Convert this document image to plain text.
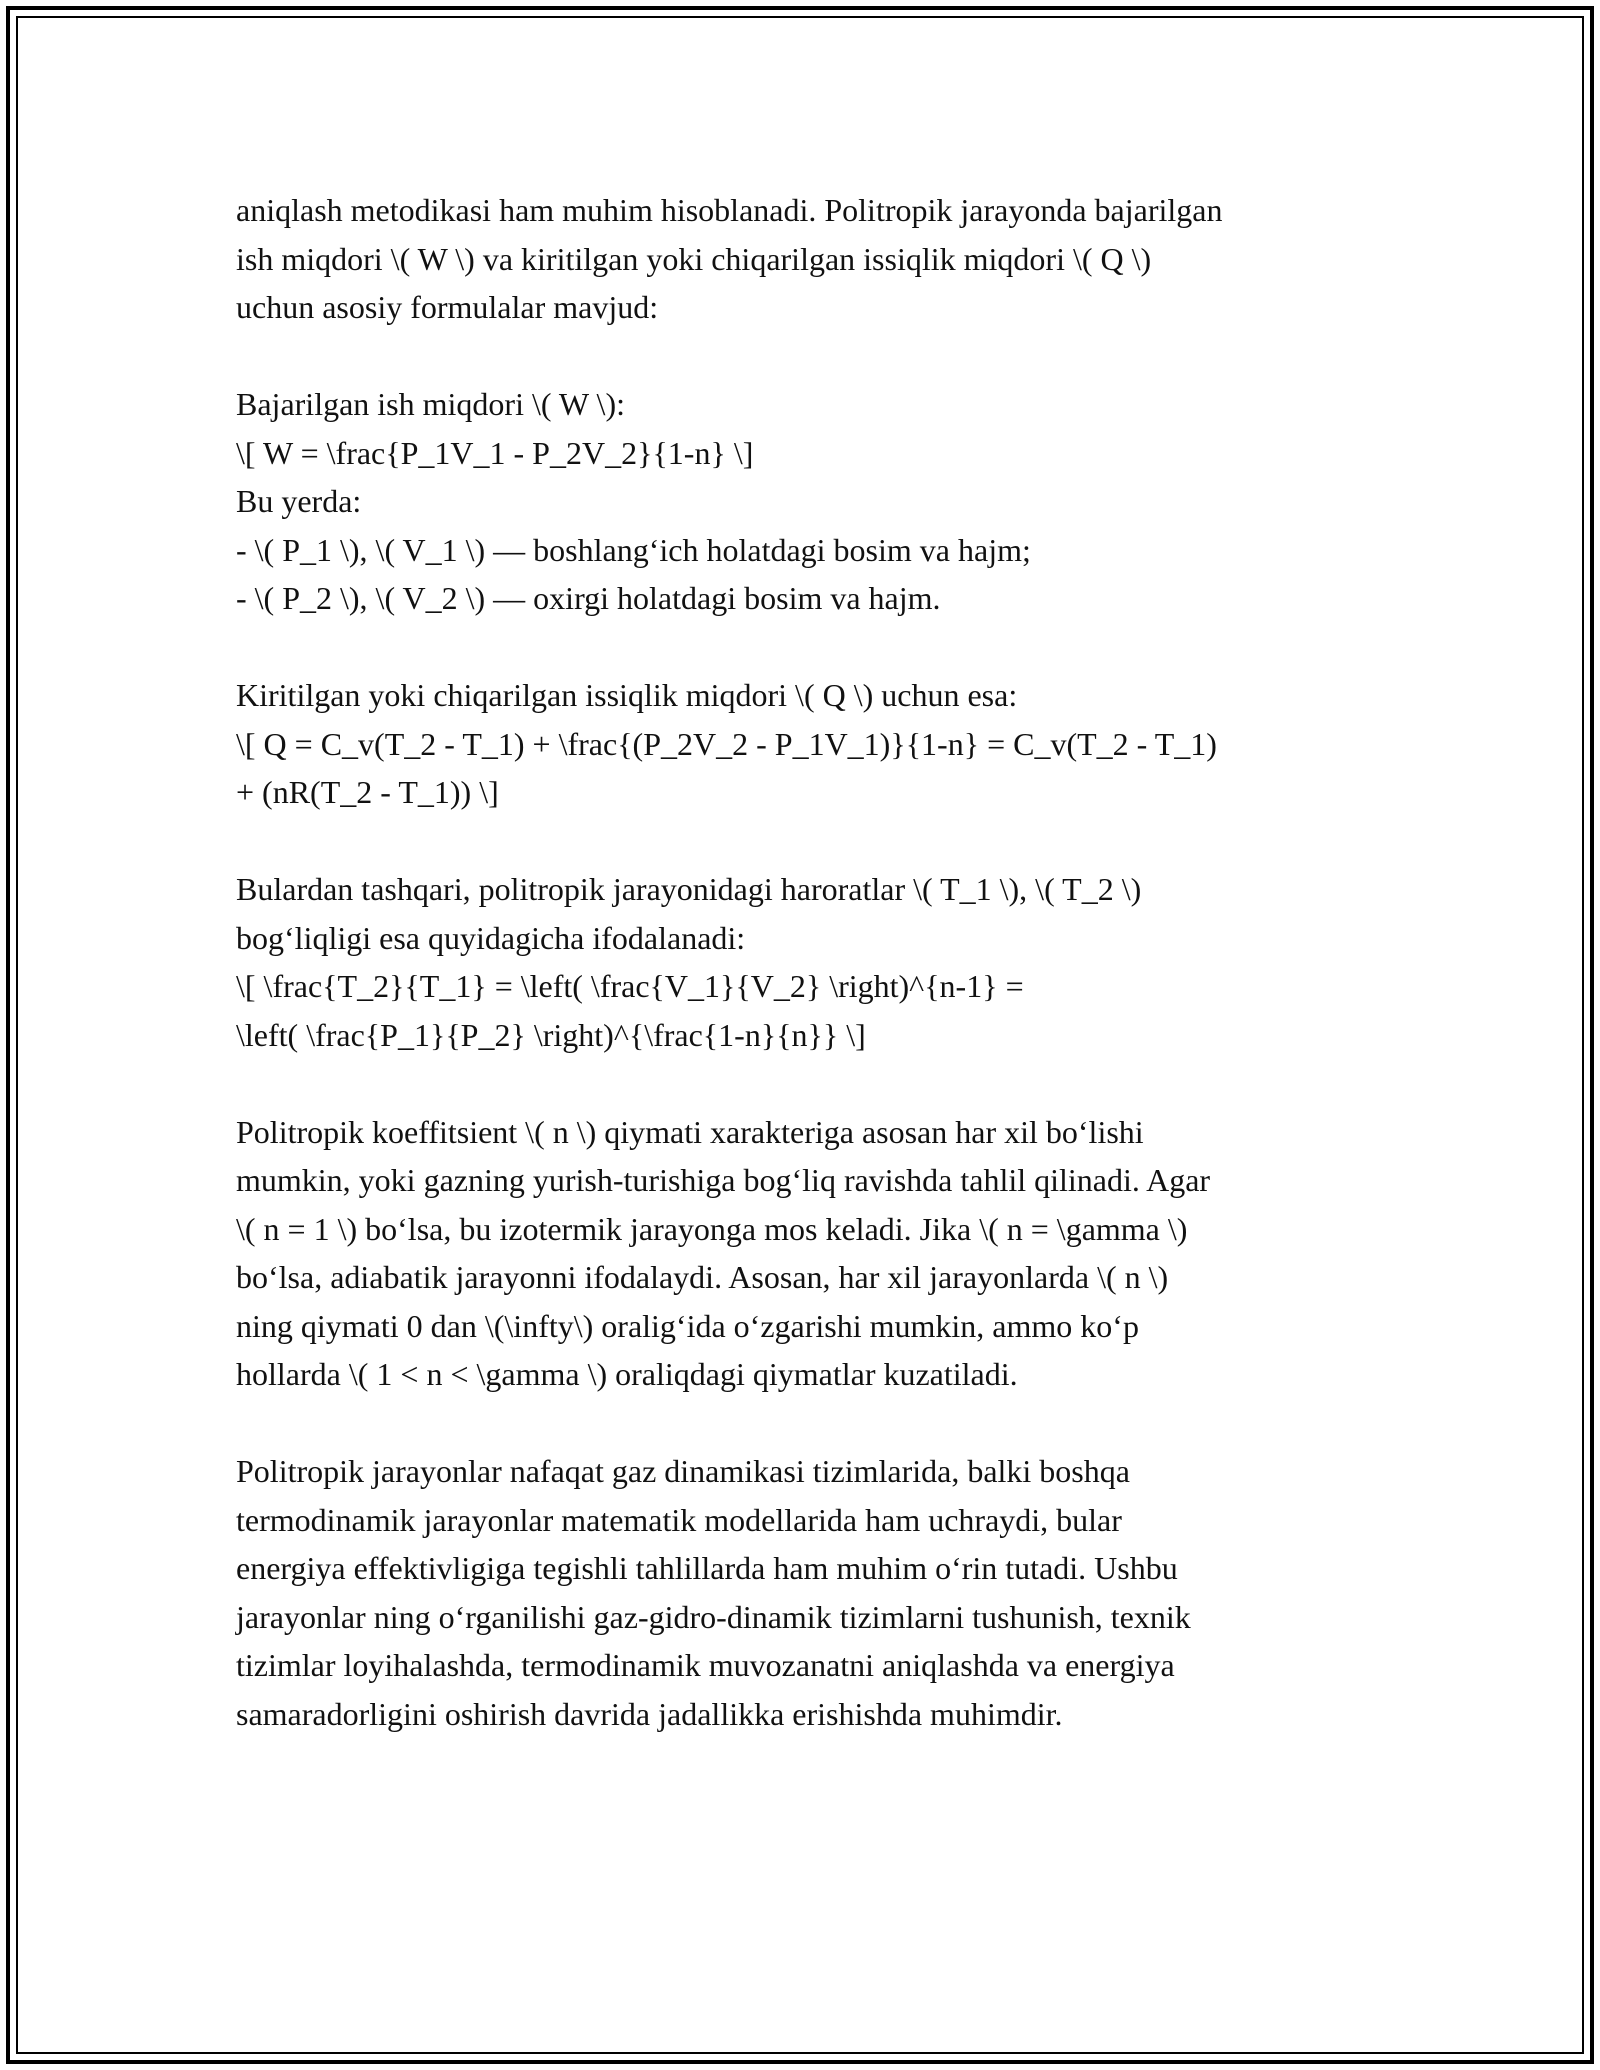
aniqlash metodikasi ham muhim hisoblanadi. Politropik jarayonda bajarilgan
ish miqdori \( W \) va kiritilgan yoki chiqarilgan issiqlik miqdori \( Q \)
uchun asosiy formulalar mavjud:

Bajarilgan ish miqdori \( W \):
\[ W = \frac{P_1V_1 - P_2V_2}{1-n} \]
Bu yerda:
- \( P_1 \), \( V_1 \) — boshlang‘ich holatdagi bosim va hajm;
- \( P_2 \), \( V_2 \) — oxirgi holatdagi bosim va hajm.

Kiritilgan yoki chiqarilgan issiqlik miqdori \( Q \) uchun esa:
\[ Q = C_v(T_2 - T_1) + \frac{(P_2V_2 - P_1V_1)}{1-n} = C_v(T_2 - T_1)
+ (nR(T_2 - T_1)) \]

Bulardan tashqari, politropik jarayonidagi haroratlar \( T_1 \), \( T_2 \)
bog‘liqligi esa quyidagicha ifodalanadi:
\[ \frac{T_2}{T_1} = \left( \frac{V_1}{V_2} \right)^{n-1} =
\left( \frac{P_1}{P_2} \right)^{\frac{1-n}{n}} \]

Politropik koeffitsient \( n \) qiymati xarakteriga asosan har xil bo‘lishi
mumkin, yoki gazning yurish-turishiga bog‘liq ravishda tahlil qilinadi. Agar
\( n = 1 \) bo‘lsa, bu izotermik jarayonga mos keladi. Jika \( n = \gamma \)
bo‘lsa, adiabatik jarayonni ifodalaydi. Asosan, har xil jarayonlarda \( n \)
ning qiymati 0 dan \(\infty\) oralig‘ida o‘zgarishi mumkin, ammo ko‘p
hollarda \( 1 < n < \gamma \) oraliqdagi qiymatlar kuzatiladi.

Politropik jarayonlar nafaqat gaz dinamikasi tizimlarida, balki boshqa
termodinamik jarayonlar matematik modellarida ham uchraydi, bular
energiya effektivligiga tegishli tahlillarda ham muhim o‘rin tutadi. Ushbu
jarayonlar ning o‘rganilishi gaz-gidro-dinamik tizimlarni tushunish, texnik
tizimlar loyihalashda, termodinamik muvozanatni aniqlashda va energiya
samaradorligini oshirish davrida jadallikka erishishda muhimdir.
